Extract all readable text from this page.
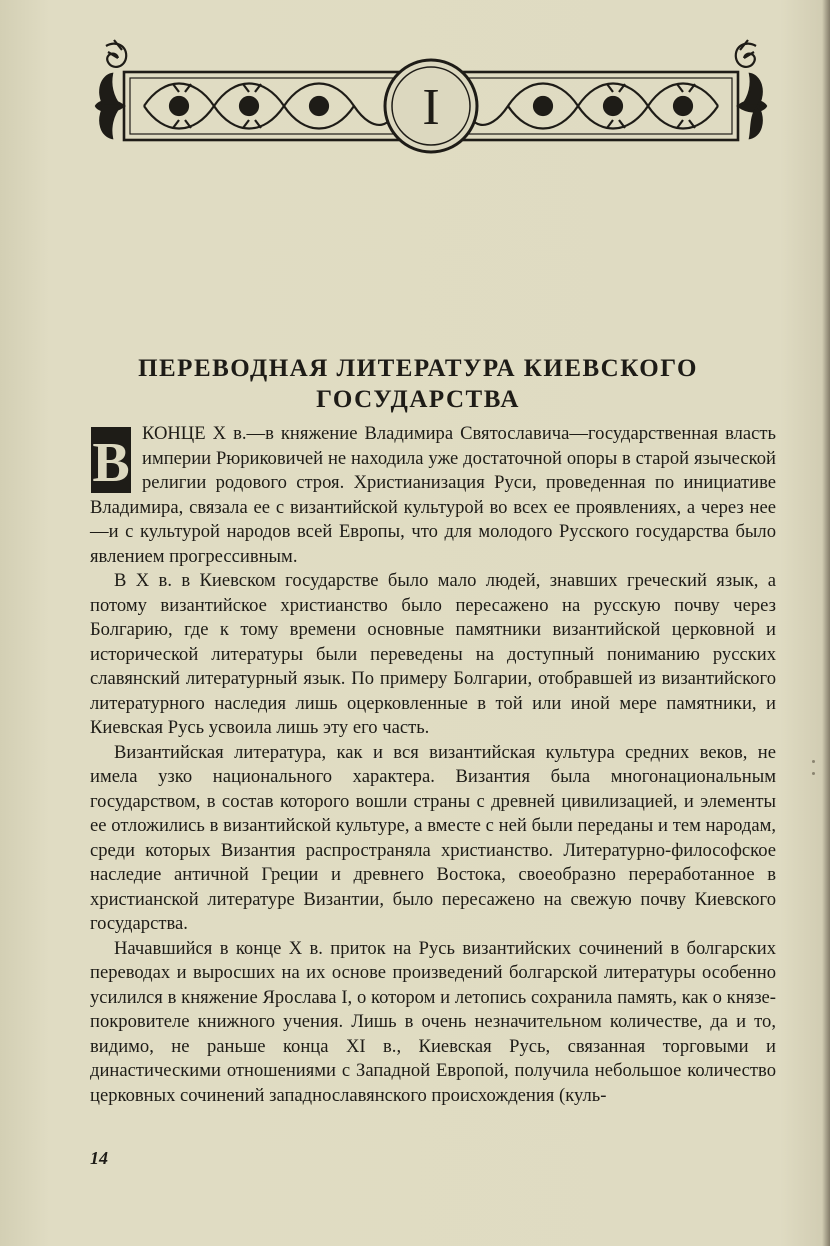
I
ПЕРЕВОДНАЯ ЛИТЕРАТУРА КИЕВСКОГО
ГОСУДАРСТВА

В КОНЦЕ X в.—в княжение Владимира Святославича—государственная власть империи Рюриковичей не находила уже достаточной опоры в старой языческой религии родового строя. Христианизация Руси, проведенная по инициативе Владимира, связала ее с византийской культурой во всех ее проявлениях, а через нее—и с культурой народов всей Европы, что для молодого Русского государства было явлением прогрессивным.

В X в. в Киевском государстве было мало людей, знавших греческий язык, а потому византийское христианство было пересажено на русскую почву через Болгарию, где к тому времени основные памятники византийской церковной и исторической литературы были переведены на доступный пониманию русских славянский литературный язык. По примеру Болгарии, отобравшей из византийского литературного наследия лишь оцерковленные в той или иной мере памятники, и Киевская Русь усвоила лишь эту его часть.

Византийская литература, как и вся византийская культура средних веков, не имела узко национального характера. Византия была многонациональным государством, в состав которого вошли страны с древней цивилизацией, и элементы ее отложились в византийской культуре, а вместе с ней были переданы и тем народам, среди которых Византия распространяла христианство. Литературно-философское наследие античной Греции и древнего Востока, своеобразно переработанное в христианской литературе Византии, было пересажено на свежую почву Киевского государства.

Начавшийся в конце X в. приток на Русь византийских сочинений в болгарских переводах и выросших на их основе произведений болгарской литературы особенно усилился в княжение Ярослава I, о котором и летопись сохранила память, как о князе-покровителе книжного учения. Лишь в очень незначительном количестве, да и то, видимо, не раньше конца XI в., Киевская Русь, связанная торговыми и династическими отношениями с Западной Европой, получила небольшое количество церковных сочинений западнославянского происхождения (куль-

14
